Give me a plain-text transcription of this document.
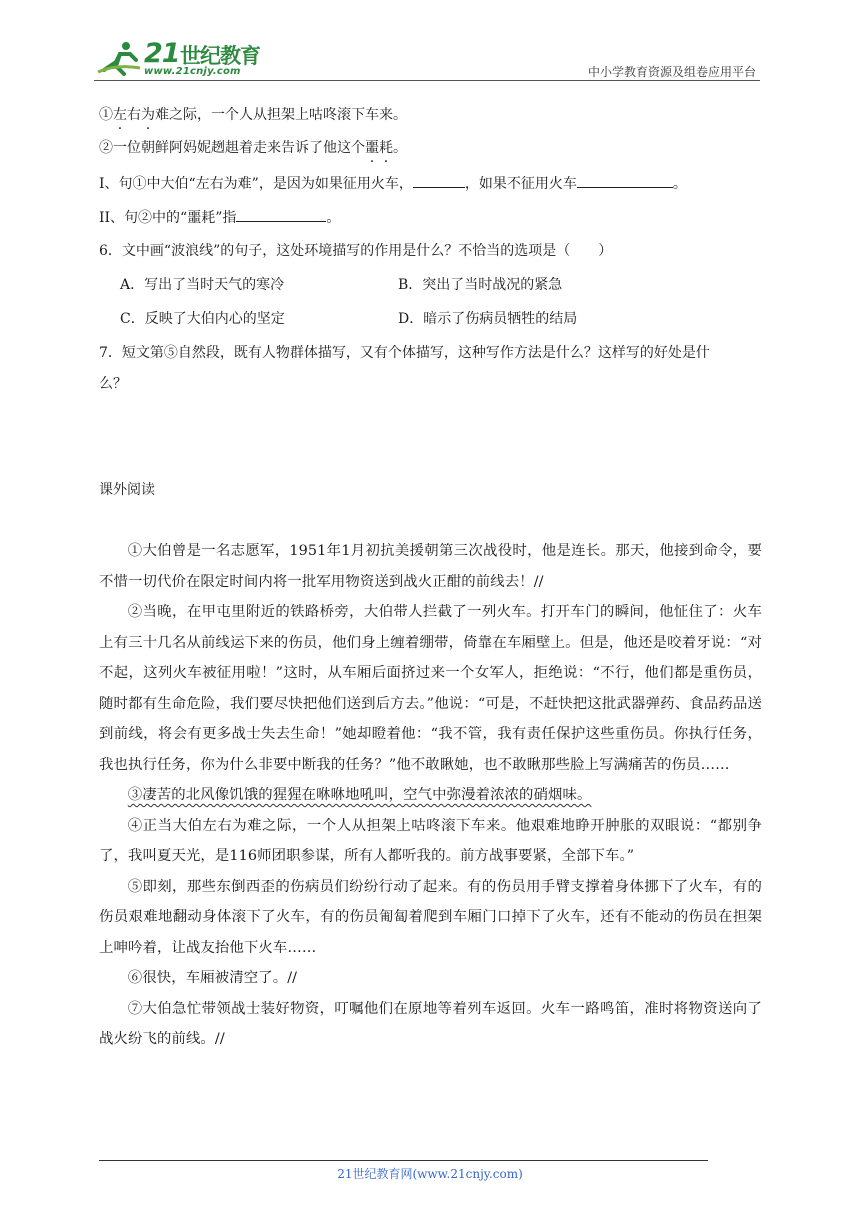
21 世纪教育
www.21cnjy.com	中小学教育资源及组卷应用平台
①左右为难之际，一个人从担架上咕咚滚下车来。
②一位朝鲜阿妈妮趔趄着走来告诉了他这个噩耗。
I、句①中大伯“左右为难”，是因为如果征用火车，	，如果不征用火车	。
II、句②中的“噩耗”指	。
6．文中画“波浪线”的句子，这处环境描写的作用是什么？不恰当的选项是（　　）
A．写出了当时天气的寒冷	B．突出了当时战况的紧急
C．反映了大伯内心的坚定	D．暗示了伤病员牺牲的结局
7．短文第⑤自然段，既有人物群体描写，又有个体描写，这种写作方法是什么？这样写的好处是什
么？
课外阅读

①大伯曾是一名志愿军，1951年1月初抗美援朝第三次战役时，他是连长。那天，他接到命令，要不惜一切代价在限定时间内将一批军用物资送到战火正酣的前线去！//

②当晚，在甲屯里附近的铁路桥旁，大伯带人拦截了一列火车。打开车门的瞬间，他怔住了：火车上有三十几名从前线运下来的伤员，他们身上缠着绷带，倚靠在车厢壁上。但是，他还是咬着牙说：“对不起，这列火车被征用啦！”这时，从车厢后面挤过来一个女军人，拒绝说：“不行，他们都是重伤员，随时都有生命危险，我们要尽快把他们送到后方去。”他说：“可是，不赶快把这批武器弹药、食品药品送到前线，将会有更多战士失去生命！”她却瞪着他：“我不管，我有责任保护这些重伤员。你执行任务，我也执行任务，你为什么非要中断我的任务？”他不敢瞅她，也不敢瞅那些脸上写满痛苦的伤员……

③凄苦的北风像饥饿的猩猩在咻咻地吼叫，空气中弥漫着浓浓的硝烟味。

④正当大伯左右为难之际，一个人从担架上咕咚滚下车来。他艰难地睁开肿胀的双眼说：“都别争了，我叫夏天光，是116师团职参谋，所有人都听我的。前方战事要紧，全部下车。”

⑤即刻，那些东倒西歪的伤病员们纷纷行动了起来。有的伤员用手臂支撑着身体挪下了火车，有的伤员艰难地翻动身体滚下了火车，有的伤员匍匐着爬到车厢门口掉下了火车，还有不能动的伤员在担架上呻吟着，让战友抬他下火车……

⑥很快，车厢被清空了。//

⑦大伯急忙带领战士装好物资，叮嘱他们在原地等着列车返回。火车一路鸣笛，准时将物资送向了战火纷飞的前线。//

21世纪教育网(www.21cnjy.com)
